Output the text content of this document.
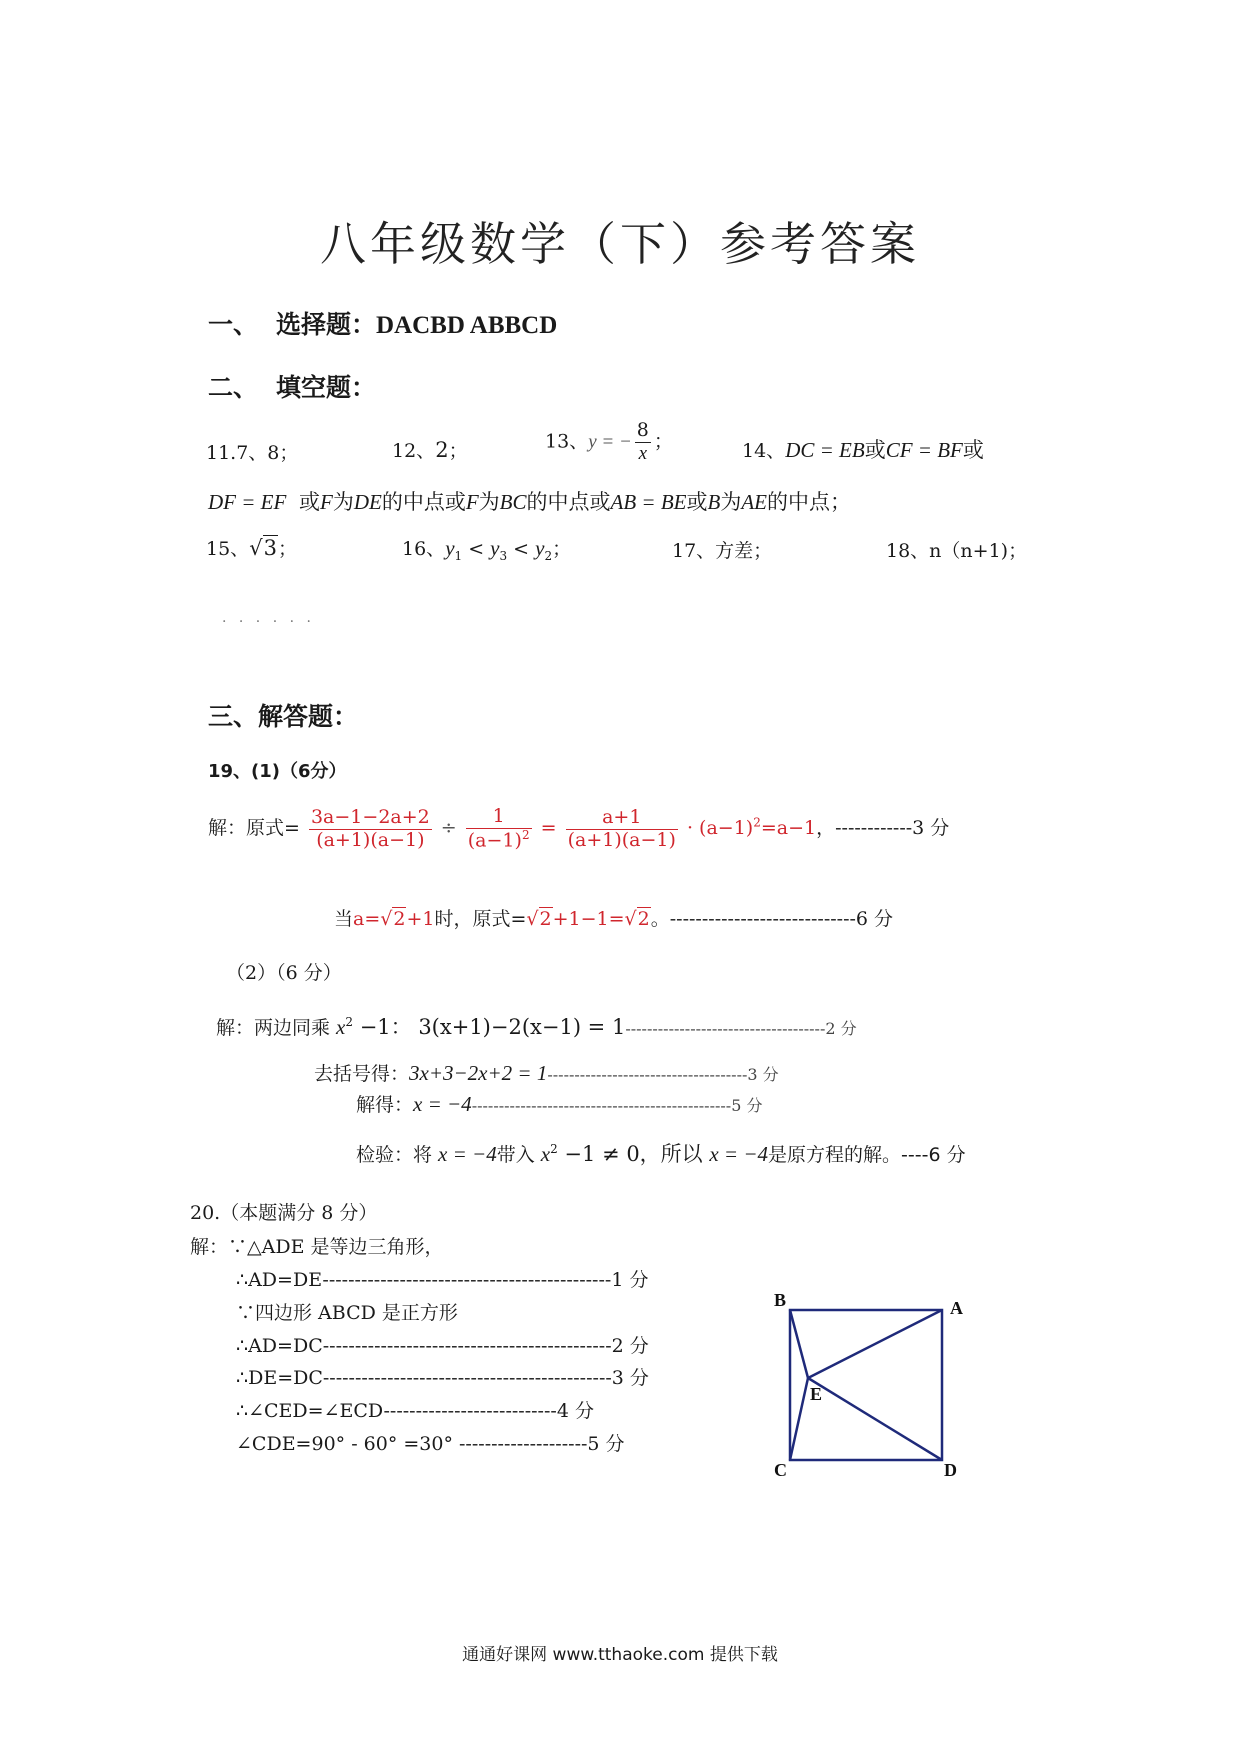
八年级数学（下）参考答案
一、 选择题：DACBD ABBCD
二、 填空题：
11.7、8；	12、2；	13、y = − $\frac{8}{x}$ ；	14、DC = EB或CF = BF或
DF = EF 或F为DE的中点或F为BC的中点或AB = BE或B为AE的中点；
15、√3；	16、$y_1 < y_3 < y_2$；	17、方差；	18、n（n+1)；
· · · · · ·
三、解答题：
19、(1)（6分）
解：原式= $\frac{3a-1-2a+2}{(a+1)(a-1)} \div \frac{1}{(a-1)^2} = \frac{a+1}{(a+1)(a-1)} \cdot (a-1)^2=a-1$，------------3 分
当a=√2+1时，原式=√2+1−1=√2。-----------------------------6 分
（2）（6 分）
解：两边同乘 $x^2 -1$： 3(x+1)−2(x−1) = 1-------------------------------------2 分
去括号得：3x+3−2x+2 = 1-------------------------------------3 分
解得：x = −4------------------------------------------------5 分
检验：将 x = −4带入 $x^2 -1 \ne 0$，所以 x = −4是原方程的解。----6 分
20.（本题满分 8 分）
解：∵△ADE 是等边三角形，
∴AD=DE---------------------------------------------1 分
∵四边形 ABCD 是正方形
∴AD=DC---------------------------------------------2 分
∴DE=DC---------------------------------------------3 分
∴∠CED=∠ECD---------------------------4 分
∠CDE=90° - 60° =30° --------------------5 分
B	A
E
C	D
通通好课网 www.tthaoke.com 提供下载
